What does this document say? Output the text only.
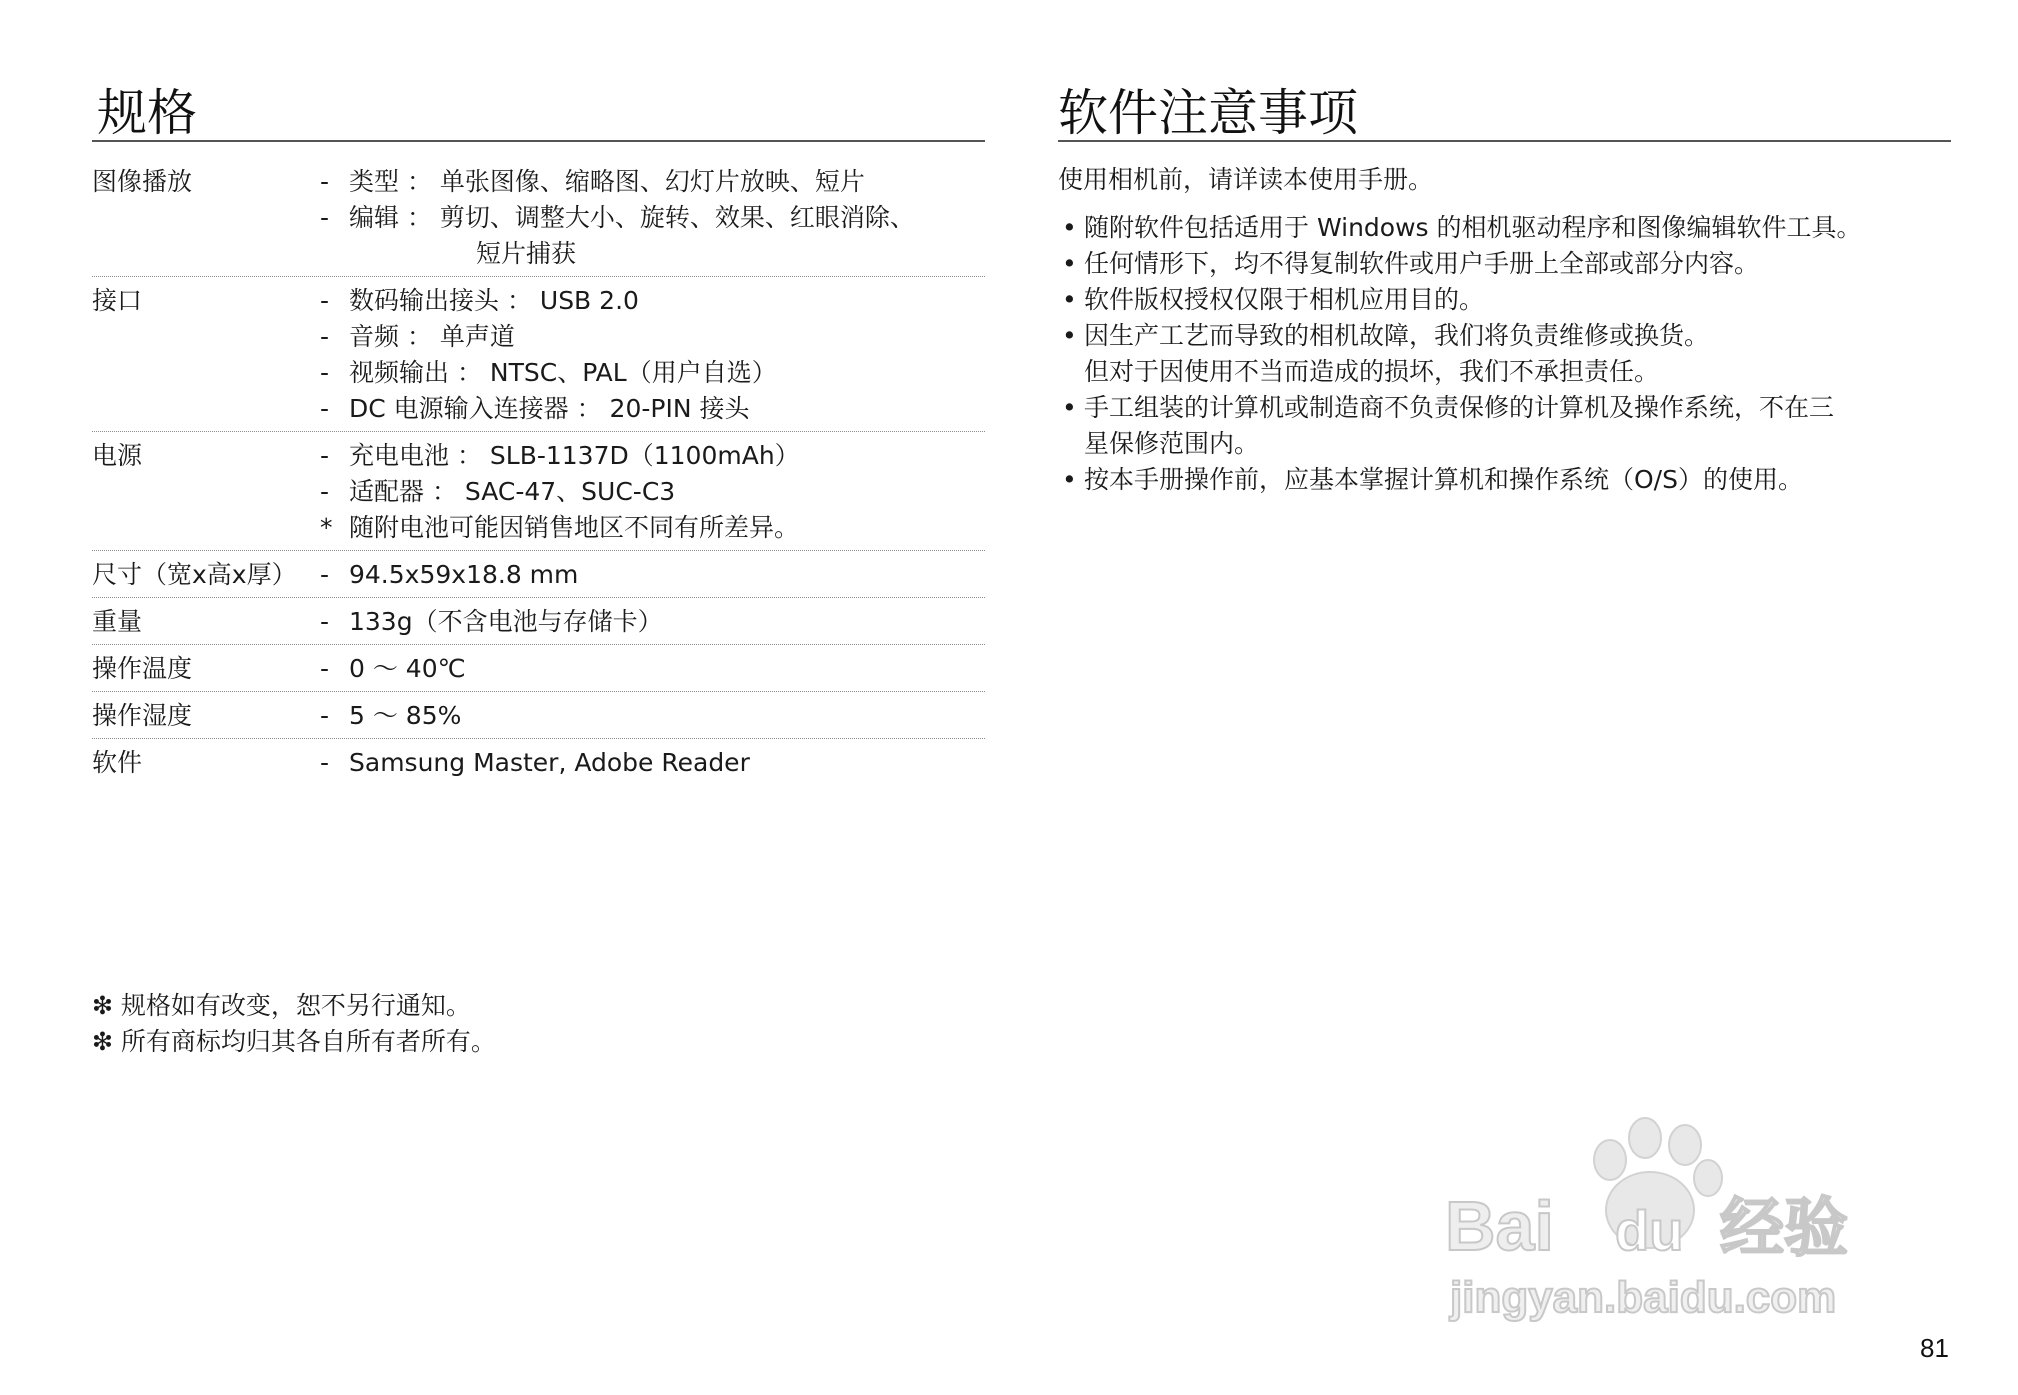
规格
图像播放	- 类型 ： 单张图像、缩略图、幻灯片放映、短片
- 编辑 ： 剪切、调整大小、旋转、效果、红眼消除、
短片捕获
接口	- 数码输出接头 ： USB 2.0
- 音频 ： 单声道
- 视频输出 ： NTSC、PAL（用户自选）
- DC 电源输入连接器 ： 20-PIN 接头
电源	- 充电电池 ： SLB-1137D（1100mAh）
- 适配器 ： SAC-47、SUC-C3
* 随附电池可能因销售地区不同有所差异。
尺寸（宽x高x厚） - 94.5x59x18.8 mm
重量	- 133g（不含电池与存储卡）
操作温度	- 0 ～ 40℃
操作湿度	- 5 ～ 85%
软件	- Samsung Master, Adobe Reader
❇ 规格如有改变，恕不另行通知。
❇ 所有商标均归其各自所有者所有。
软件注意事项
使用相机前，请详读本使用手册。
• 随附软件包括适用于 Windows 的相机驱动程序和图像编辑软件工具。
• 任何情形下，均不得复制软件或用户手册上全部或部分内容。
• 软件版权授权仅限于相机应用目的。
• 因生产工艺而导致的相机故障，我们将负责维修或换货。
但对于因使用不当而造成的损坏，我们不承担责任。
• 手工组装的计算机或制造商不负责保修的计算机及操作系统，不在三
星保修范围内。
• 按本手册操作前，应基本掌握计算机和操作系统（O/S）的使用。
81
Bai du 经验
jingyan.baidu.com
